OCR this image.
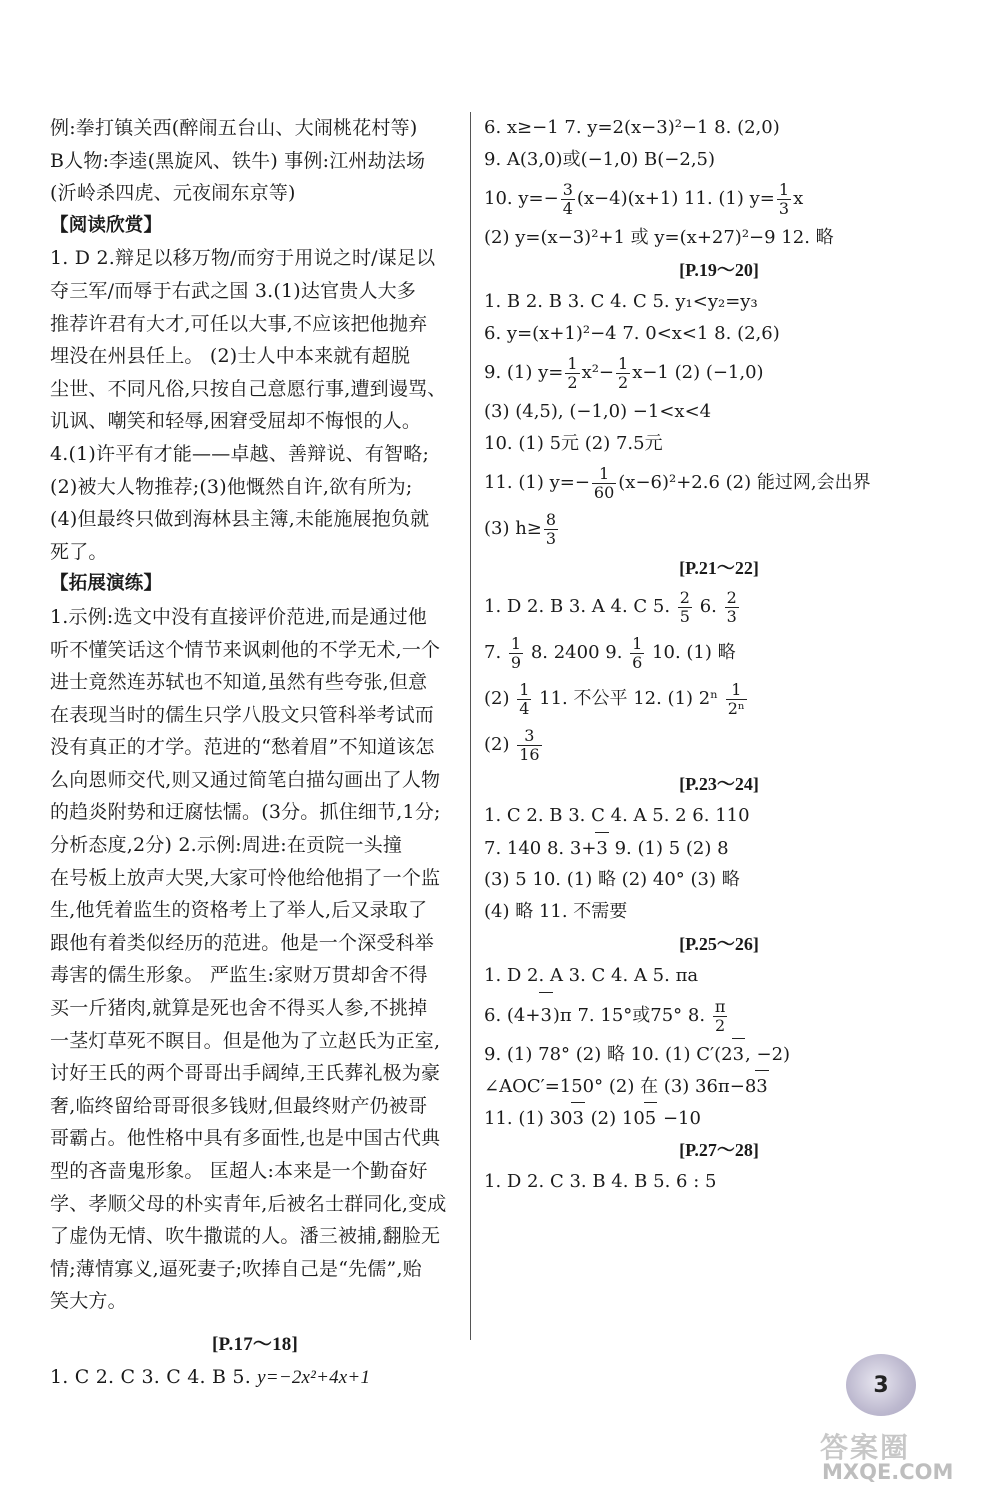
例:拳打镇关西(醉闹五台山、大闹桃花村等)
B人物:李逵(黑旋风、铁牛) 事例:江州劫法场
(沂岭杀四虎、元夜闹东京等)
【阅读欣赏】
1. D 2.辩足以移万物/而穷于用说之时/谋足以
夺三军/而辱于右武之国 3.(1)达官贵人大多
推荐许君有大才,可任以大事,不应该把他抛弃
埋没在州县任上。 (2)士人中本来就有超脱
尘世、不同凡俗,只按自己意愿行事,遭到谩骂、
讥讽、嘲笑和轻辱,困窘受屈却不悔恨的人。
4.(1)许平有才能——卓越、善辩说、有智略;
(2)被大人物推荐;(3)他慨然自许,欲有所为;
(4)但最终只做到海林县主簿,未能施展抱负就
死了。
【拓展演练】
1.示例:选文中没有直接评价范进,而是通过他
听不懂笑话这个情节来讽刺他的不学无术,一个
进士竟然连苏轼也不知道,虽然有些夸张,但意
在表现当时的儒生只学八股文只管科举考试而
没有真正的才学。范进的“愁着眉”不知道该怎
么向恩师交代,则又通过简笔白描勾画出了人物
的趋炎附势和迂腐怯懦。(3分。抓住细节,1分;
分析态度,2分) 2.示例:周进:在贡院一头撞
在号板上放声大哭,大家可怜他给他捐了一个监
生,他凭着监生的资格考上了举人,后又录取了
跟他有着类似经历的范进。他是一个深受科举
毒害的儒生形象。 严监生:家财万贯却舍不得
买一斤猪肉,就算是死也舍不得买人参,不挑掉
一茎灯草死不瞑目。但是他为了立赵氏为正室,
讨好王氏的两个哥哥出手阔绰,王氏葬礼极为豪
奢,临终留给哥哥很多钱财,但最终财产仍被哥
哥霸占。他性格中具有多面性,也是中国古代典
型的吝啬鬼形象。 匡超人:本来是一个勤奋好
学、孝顺父母的朴实青年,后被名士群同化,变成
了虚伪无情、吹牛撒谎的人。潘三被捕,翻脸无
情;薄情寡义,逼死妻子;吹捧自己是“先儒”,贻
笑大方。
[P.17～18]
1. C 2. C 3. C 4. B 5. y=−2x²+4x+1
6. x≥−1 7. y=2(x−3)²−1 8. (2,0)
9. A(3,0)或(−1,0) B(−2,5)
10. $y=- \frac{3}{4} (x-4)(x+1)$ 11. (1) $y= \frac{1}{3}$ x
(2) y=(x−3)²+1 或 y=(x+27)²−9 12. 略
[P.19～20]
1. B 2. B 3. C 4. C 5. y₁<y₂=y₃
6. y=(x+1)²−4 7. 0<x<1 8. (2,6)
9. (1) $y= \frac{1}{2} x^2- \frac{1}{2} x-1$ (2) (−1,0)
(3) (4,5), (−1,0) −1<x<4
10. (1) 5元 (2) 7.5元
11. (1) $y=- \frac{1}{60} (x-6)^2+2.6$ (2) 能过网,会出界
(3) $h\ge \frac{8}{3}$
[P.21～22]
1. D 2. B 3. A 4. C 5. $\frac{2}{5} 6$. $\frac{2}{3}$
7. $\frac{1}{9} 8$. 2400 9. $\frac{1}{6} 10$. (1) 略
$(2) \frac{1}{4} 11$. 不公平 12. (1) $2^n \frac{1}{\text{2ⁿ}}$
$(2) \frac{3}{16}$
[P.23～24]
1. C 2. B 3. C 4. A 5. 2 6. 110
7. 140 8. 3+3 9. (1) 5 (2) 8
(3) 5 10. (1) 略 (2) 40° (3) 略
(4) 略 11. 不需要
[P.25～26]
1. D 2. A 3. C 4. A 5. πa
6. (4+3)π 7. 15°或75° 8. $\frac{\pi}{2}$
9. (1) 78° (2) 略 10. (1) C′(23, −2)
∠AOC′=150° (2) 在 (3) 36π−83
11. (1) 303 (2) 105 −10
[P.27～28]
1. D 2. C 3. B 4. B 5. 6 : 5
3
答案圈
MXQE.COM
